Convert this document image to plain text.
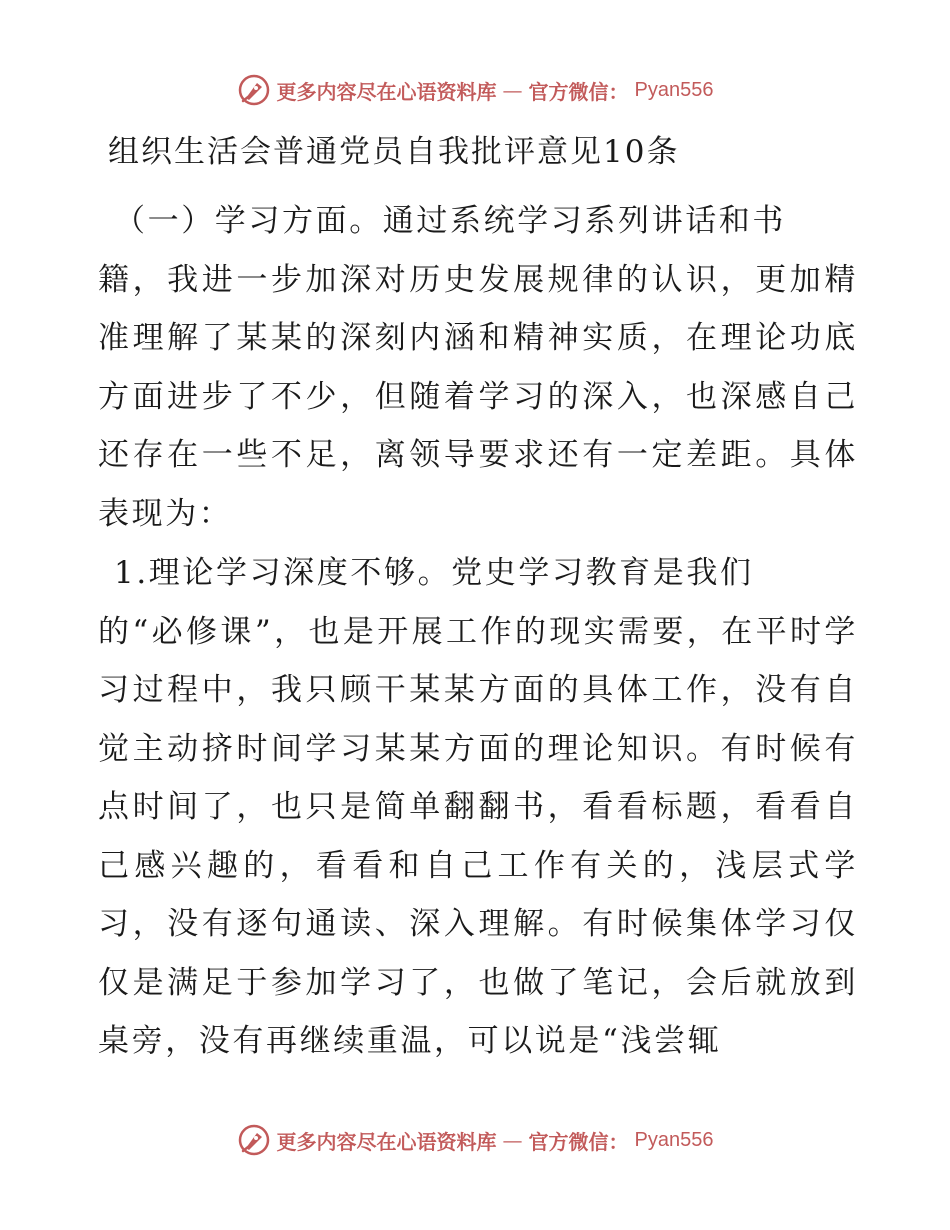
更多内容尽在心语资料库 — 官方微信： Pyan556
组织生活会普通党员自我批评意见10条
（一）学习方面。通过系统学习系列讲话和书
籍，我进一步加深对历史发展规律的认识，更加精准理解了某某的深刻内涵和精神实质，在理论功底方面进步了不少，但随着学习的深入，也深感自己还存在一些不足，离领导要求还有一定差距。具体表现为：
1.理论学习深度不够。党史学习教育是我们
的“必修课”，也是开展工作的现实需要，在平时学习过程中，我只顾干某某方面的具体工作，没有自觉主动挤时间学习某某方面的理论知识。有时候有点时间了，也只是简单翻翻书，看看标题，看看自己感兴趣的，看看和自己工作有关的，浅层式学习，没有逐句通读、深入理解。有时候集体学习仅仅是满足于参加学习了，也做了笔记，会后就放到桌旁，没有再继续重温，可以说是“浅尝辄
更多内容尽在心语资料库 — 官方微信： Pyan556
